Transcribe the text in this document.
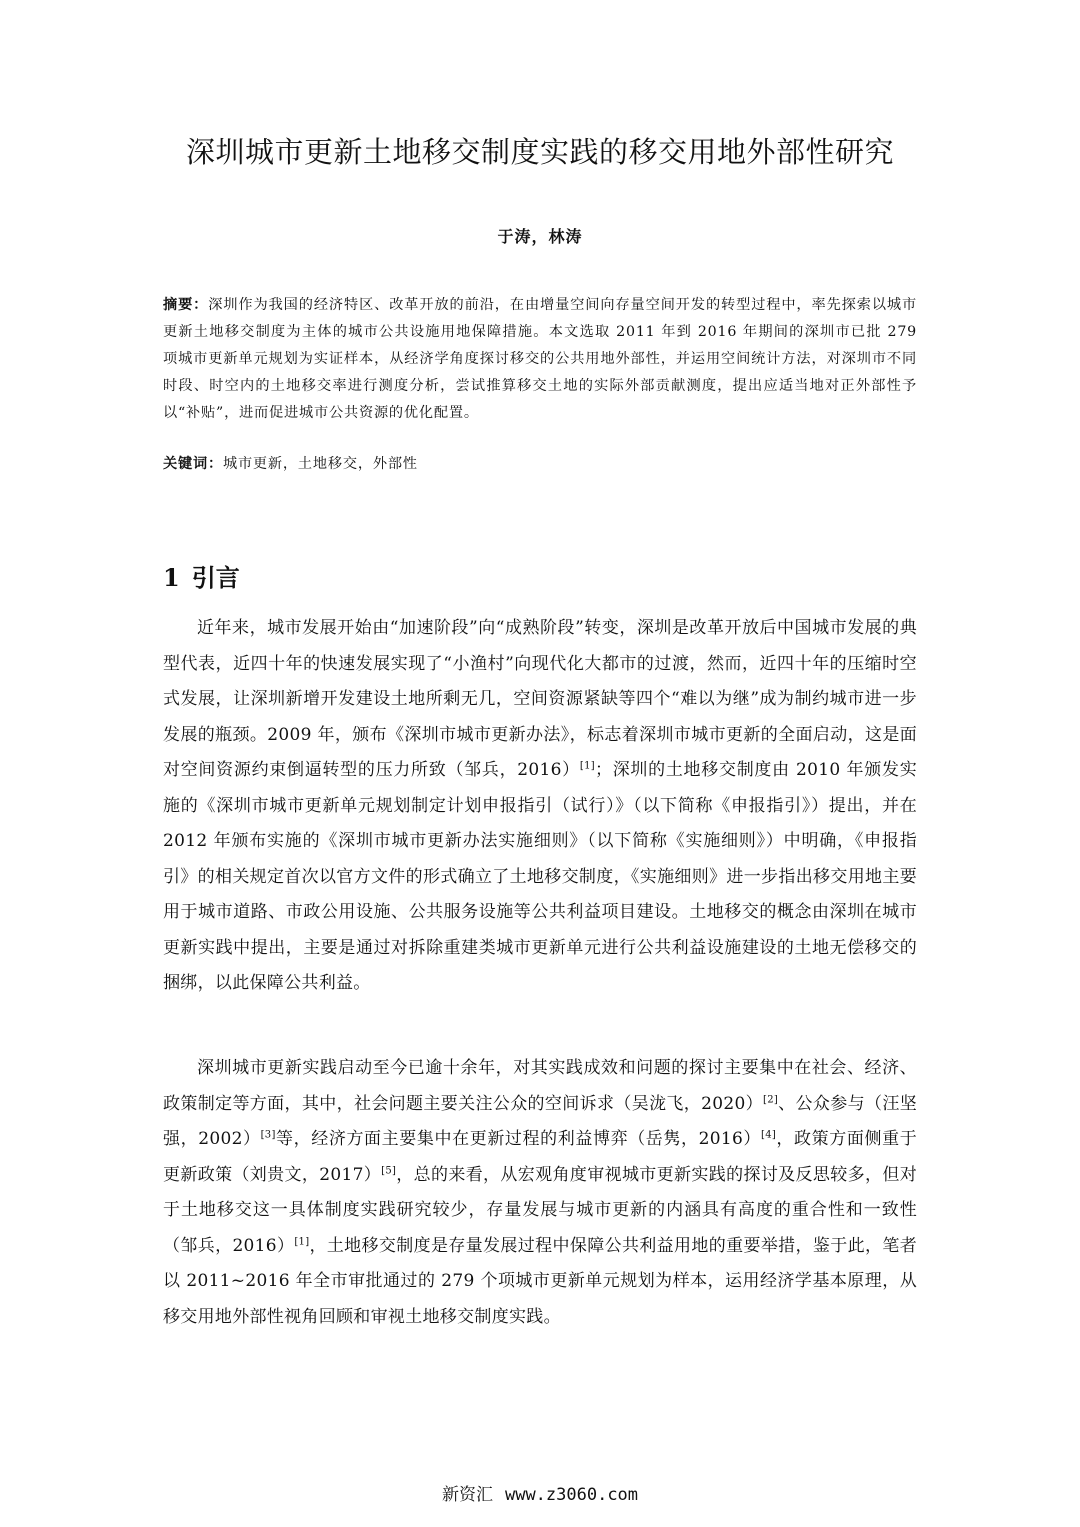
深圳城市更新土地移交制度实践的移交用地外部性研究
于涛，林涛
摘要：深圳作为我国的经济特区、改革开放的前沿，在由增量空间向存量空间开发的转型过程中，率先探索以城市更新土地移交制度为主体的城市公共设施用地保障措施。本文选取 2011 年到 2016 年期间的深圳市已批 279 项城市更新单元规划为实证样本，从经济学角度探讨移交的公共用地外部性，并运用空间统计方法，对深圳市不同时段、时空内的土地移交率进行测度分析，尝试推算移交土地的实际外部贡献测度，提出应适当地对正外部性予以“补贴”，进而促进城市公共资源的优化配置。
关键词：城市更新，土地移交，外部性
1 引言

近年来，城市发展开始由“加速阶段”向“成熟阶段”转变，深圳是改革开放后中国城市发展的典型代表，近四十年的快速发展实现了“小渔村”向现代化大都市的过渡，然而，近四十年的压缩时空式发展，让深圳新增开发建设土地所剩无几，空间资源紧缺等四个“难以为继”成为制约城市进一步发展的瓶颈。2009 年，颁布《深圳市城市更新办法》，标志着深圳市城市更新的全面启动，这是面对空间资源约束倒逼转型的压力所致（邹兵，2016）[1]；深圳的土地移交制度由 2010 年颁发实施的《深圳市城市更新单元规划制定计划申报指引（试行）》（以下简称《申报指引》）提出，并在 2012 年颁布实施的《深圳市城市更新办法实施细则》（以下简称《实施细则》）中明确，《申报指引》的相关规定首次以官方文件的形式确立了土地移交制度，《实施细则》进一步指出移交用地主要用于城市道路、市政公用设施、公共服务设施等公共利益项目建设。土地移交的概念由深圳在城市更新实践中提出，主要是通过对拆除重建类城市更新单元进行公共利益设施建设的土地无偿移交的捆绑，以此保障公共利益。

深圳城市更新实践启动至今已逾十余年，对其实践成效和问题的探讨主要集中在社会、经济、政策制定等方面，其中，社会问题主要关注公众的空间诉求（吴泷飞，2020）[2]、公众参与（汪坚强，2002）[3]等，经济方面主要集中在更新过程的利益博弈（岳隽，2016）[4]，政策方面侧重于更新政策（刘贵文，2017）[5]，总的来看，从宏观角度审视城市更新实践的探讨及反思较多，但对于土地移交这一具体制度实践研究较少，存量发展与城市更新的内涵具有高度的重合性和一致性（邹兵，2016）[1]，土地移交制度是存量发展过程中保障公共利益用地的重要举措，鉴于此，笔者以 2011~2016 年全市审批通过的 279 个项城市更新单元规划为样本，运用经济学基本原理，从移交用地外部性视角回顾和审视土地移交制度实践。

新资汇 www.z3060.com
